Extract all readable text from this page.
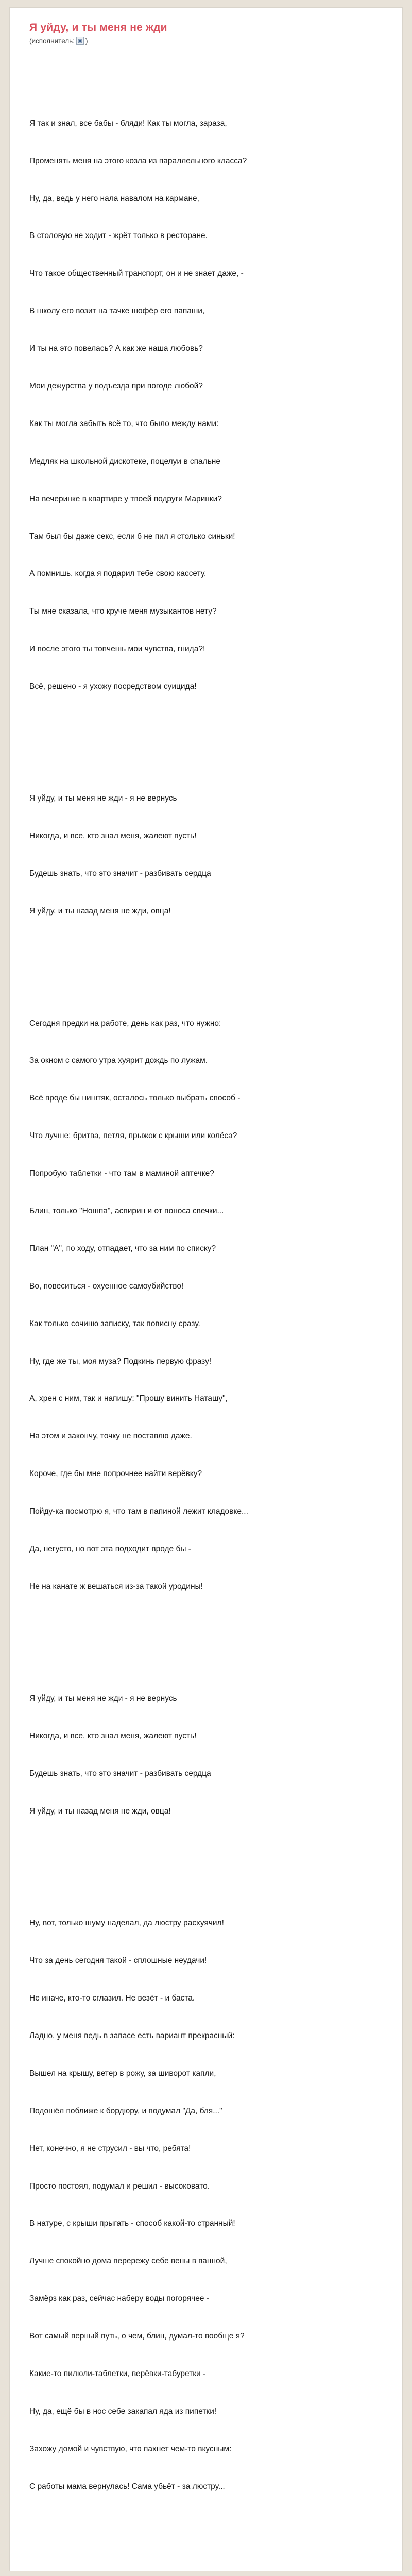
Я уйду, и ты меня не жди
(исполнитель: ▣ )

Я так и знал, все бабы - бляди! Как ты могла, зараза,

Променять меня на этого козла из параллельного класса?

Ну, да, ведь у него нала навалом на кармане,

В столовую не ходит - жрёт только в ресторане.

Что такое общественный транспорт, он и не знает даже, -

В школу его возит на тачке шофёр его папаши,

И ты на это повелась? А как же наша любовь?

Мои дежурства у подъезда при погоде любой?

Как ты могла забыть всё то, что было между нами:

Медляк на школьной дискотеке, поцелуи в спальне

На вечеринке в квартире у твоей подруги Маринки?

Там был бы даже секс, если б не пил я столько синьки!

А помнишь, когда я подарил тебе свою кассету,

Ты мне сказала, что круче меня музыкантов нету?

И после этого ты топчешь мои чувства, гнида?!

Всё, решено - я ухожу посредством суицида!

Я уйду, и ты меня не жди - я не вернусь

Никогда, и все, кто знал меня, жалеют пусть!

Будешь знать, что это значит - разбивать сердца

Я уйду, и ты назад меня не жди, овца!

Сегодня предки на работе, день как раз, что нужно:

За окном с самого утра хуярит дождь по лужам.

Всё вроде бы ништяк, осталось только выбрать способ -

Что лучше: бритва, петля, прыжок с крыши или колёса?

Попробую таблетки - что там в маминой аптечке?

Блин, только "Ношпа", аспирин и от поноса свечки...

План "А", по ходу, отпадает, что за ним по списку?

Во, повеситься - охуенное самоубийство!

Как только сочиню записку, так повисну сразу.

Ну, где же ты, моя муза? Подкинь первую фразу!

А, хрен с ним, так и напишу: "Прошу винить Наташу",

На этом и закончу, точку не поставлю даже.

Короче, где бы мне попрочнее найти верёвку?

Пойду-ка посмотрю я, что там в папиной лежит кладовке...

Да, негусто, но вот эта подходит вроде бы -

Не на канате ж вешаться из-за такой уродины!

Я уйду, и ты меня не жди - я не вернусь

Никогда, и все, кто знал меня, жалеют пусть!

Будешь знать, что это значит - разбивать сердца

Я уйду, и ты назад меня не жди, овца!

Ну, вот, только шуму наделал, да люстру расхуячил!

Что за день сегодня такой - сплошные неудачи!

Не иначе, кто-то сглазил. Не везёт - и баста.

Ладно, у меня ведь в запасе есть вариант прекрасный:

Вышел на крышу, ветер в рожу, за шиворот капли,

Подошёл поближе к бордюру, и подумал "Да, бля..."

Нет, конечно, я не струсил - вы что, ребята!

Просто постоял, подумал и решил - высоковато.

В натуре, с крыши прыгать - способ какой-то странный!

Лучше спокойно дома перережу себе вены в ванной,

Замёрз как раз, сейчас наберу воды погорячее -

Вот самый верный путь, о чем, блин, думал-то вообще я?

Какие-то пилюли-таблетки, верёвки-табуретки -

Ну, да, ещё бы в нос себе закапал яда из пипетки!

Захожу домой и чувствую, что пахнет чем-то вкусным:

С работы мама вернулась! Сама убьёт - за люстру...
